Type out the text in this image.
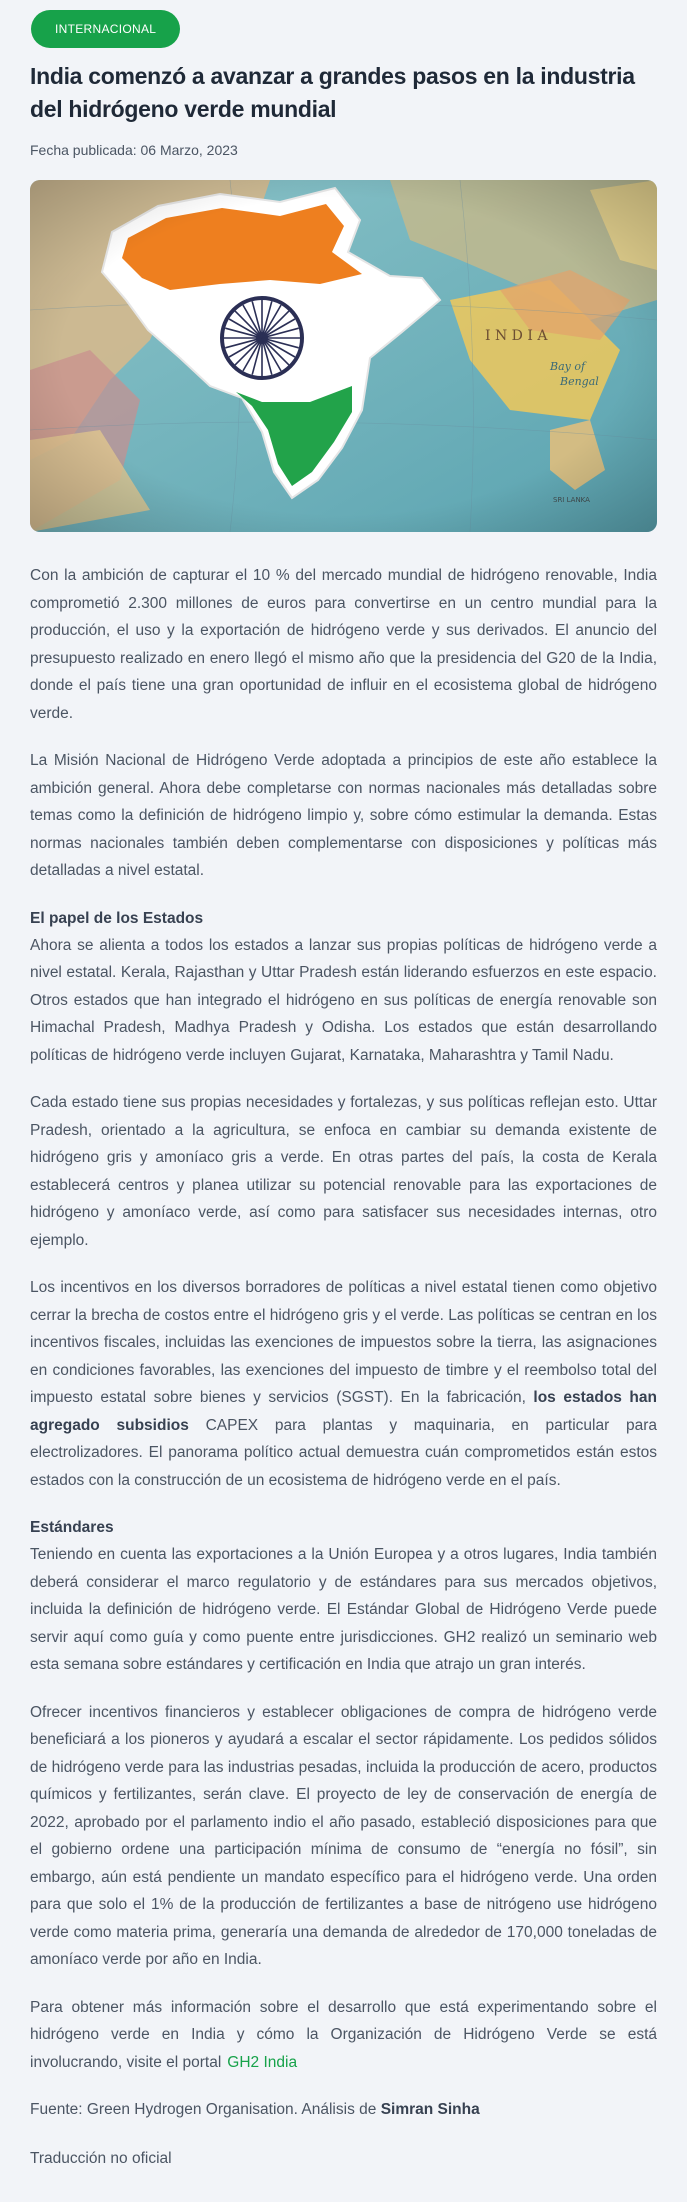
INTERNACIONAL
India comenzó a avanzar a grandes pasos en la industria del hidrógeno verde mundial
Fecha publicada: 06 Marzo, 2023

Con la ambición de capturar el 10 % del mercado mundial de hidrógeno renovable, India comprometió 2.300 millones de euros para convertirse en un centro mundial para la producción, el uso y la exportación de hidrógeno verde y sus derivados. El anuncio del presupuesto realizado en enero llegó el mismo año que la presidencia del G20 de la India, donde el país tiene una gran oportunidad de influir en el ecosistema global de hidrógeno verde.

La Misión Nacional de Hidrógeno Verde adoptada a principios de este año establece la ambición general. Ahora debe completarse con normas nacionales más detalladas sobre temas como la definición de hidrógeno limpio y, sobre cómo estimular la demanda. Estas normas nacionales también deben complementarse con disposiciones y políticas más detalladas a nivel estatal.

El papel de los Estados

Ahora se alienta a todos los estados a lanzar sus propias políticas de hidrógeno verde a nivel estatal. Kerala, Rajasthan y Uttar Pradesh están liderando esfuerzos en este espacio. Otros estados que han integrado el hidrógeno en sus políticas de energía renovable son Himachal Pradesh, Madhya Pradesh y Odisha. Los estados que están desarrollando políticas de hidrógeno verde incluyen Gujarat, Karnataka, Maharashtra y Tamil Nadu.

Cada estado tiene sus propias necesidades y fortalezas, y sus políticas reflejan esto. Uttar Pradesh, orientado a la agricultura, se enfoca en cambiar su demanda existente de hidrógeno gris y amoníaco gris a verde. En otras partes del país, la costa de Kerala establecerá centros y planea utilizar su potencial renovable para las exportaciones de hidrógeno y amoníaco verde, así como para satisfacer sus necesidades internas, otro ejemplo.

Los incentivos en los diversos borradores de políticas a nivel estatal tienen como objetivo cerrar la brecha de costos entre el hidrógeno gris y el verde. Las políticas se centran en los incentivos fiscales, incluidas las exenciones de impuestos sobre la tierra, las asignaciones en condiciones favorables, las exenciones del impuesto de timbre y el reembolso total del impuesto estatal sobre bienes y servicios (SGST). En la fabricación, los estados han agregado subsidios CAPEX para plantas y maquinaria, en particular para electrolizadores. El panorama político actual demuestra cuán comprometidos están estos estados con la construcción de un ecosistema de hidrógeno verde en el país.

Estándares

Teniendo en cuenta las exportaciones a la Unión Europea y a otros lugares, India también deberá considerar el marco regulatorio y de estándares para sus mercados objetivos, incluida la definición de hidrógeno verde. El Estándar Global de Hidrógeno Verde puede servir aquí como guía y como puente entre jurisdicciones. GH2 realizó un seminario web esta semana sobre estándares y certificación en India que atrajo un gran interés.

Ofrecer incentivos financieros y establecer obligaciones de compra de hidrógeno verde beneficiará a los pioneros y ayudará a escalar el sector rápidamente. Los pedidos sólidos de hidrógeno verde para las industrias pesadas, incluida la producción de acero, productos químicos y fertilizantes, serán clave. El proyecto de ley de conservación de energía de 2022, aprobado por el parlamento indio el año pasado, estableció disposiciones para que el gobierno ordene una participación mínima de consumo de “energía no fósil”, sin embargo, aún está pendiente un mandato específico para el hidrógeno verde. Una orden para que solo el 1% de la producción de fertilizantes a base de nitrógeno use hidrógeno verde como materia prima, generaría una demanda de alrededor de 170,000 toneladas de amoníaco verde por año en India.

Para obtener más información sobre el desarrollo que está experimentando sobre el hidrógeno verde en India y cómo la Organización de Hidrógeno Verde se está involucrando, visite el portal GH2 India

Fuente: Green Hydrogen Organisation. Análisis de Simran Sinha

Traducción no oficial
